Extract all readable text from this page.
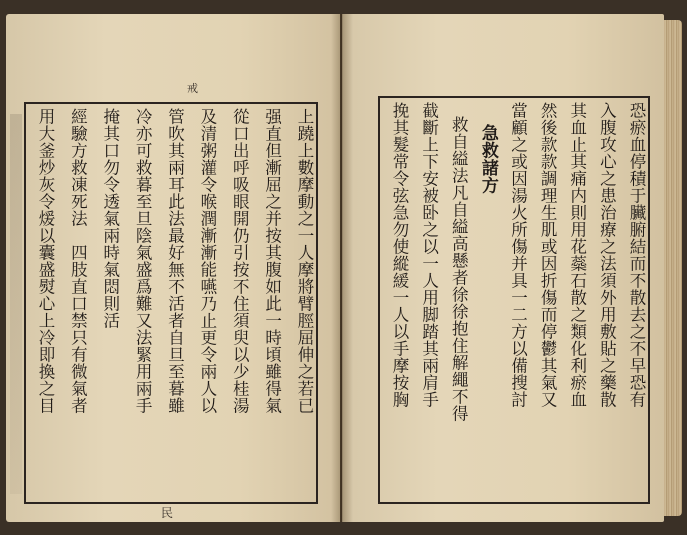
戒
上蹺上數摩動之一人摩將臂脛屈伸之若已
强直但漸屈之并按其腹如此一時頃雖得氣
從口出呼吸眼開仍引按不住須臾以少桂湯
及清粥灌令喉潤漸漸能嚥乃止更令兩人以
管吹其兩耳此法最好無不活者自旦至暮雖
冷亦可救暮至旦陰氣盛爲難又法緊用兩手
掩其口勿令透氣兩時氣悶則活
經驗方救凍死法　四肢直口禁只有微氣者
用大釜炒灰令煖以囊盛熨心上冷即換之目
民
恐瘀血停積于臟腑結而不散去之不早恐有
入腹攻心之患治療之法須外用敷貼之藥散
其血止其痛内則用花蘂石散之類化利瘀血
然後款款調理生肌或因折傷而停鬱其氣又
當顧之或因湯火所傷并具一二方以備搜討
急救諸方
救自縊法凡自縊高懸者徐徐抱住解繩不得
截斷上下安被卧之以一人用脚踏其兩肩手
挽其髮常令弦急勿使縱緩一人以手摩按胸
